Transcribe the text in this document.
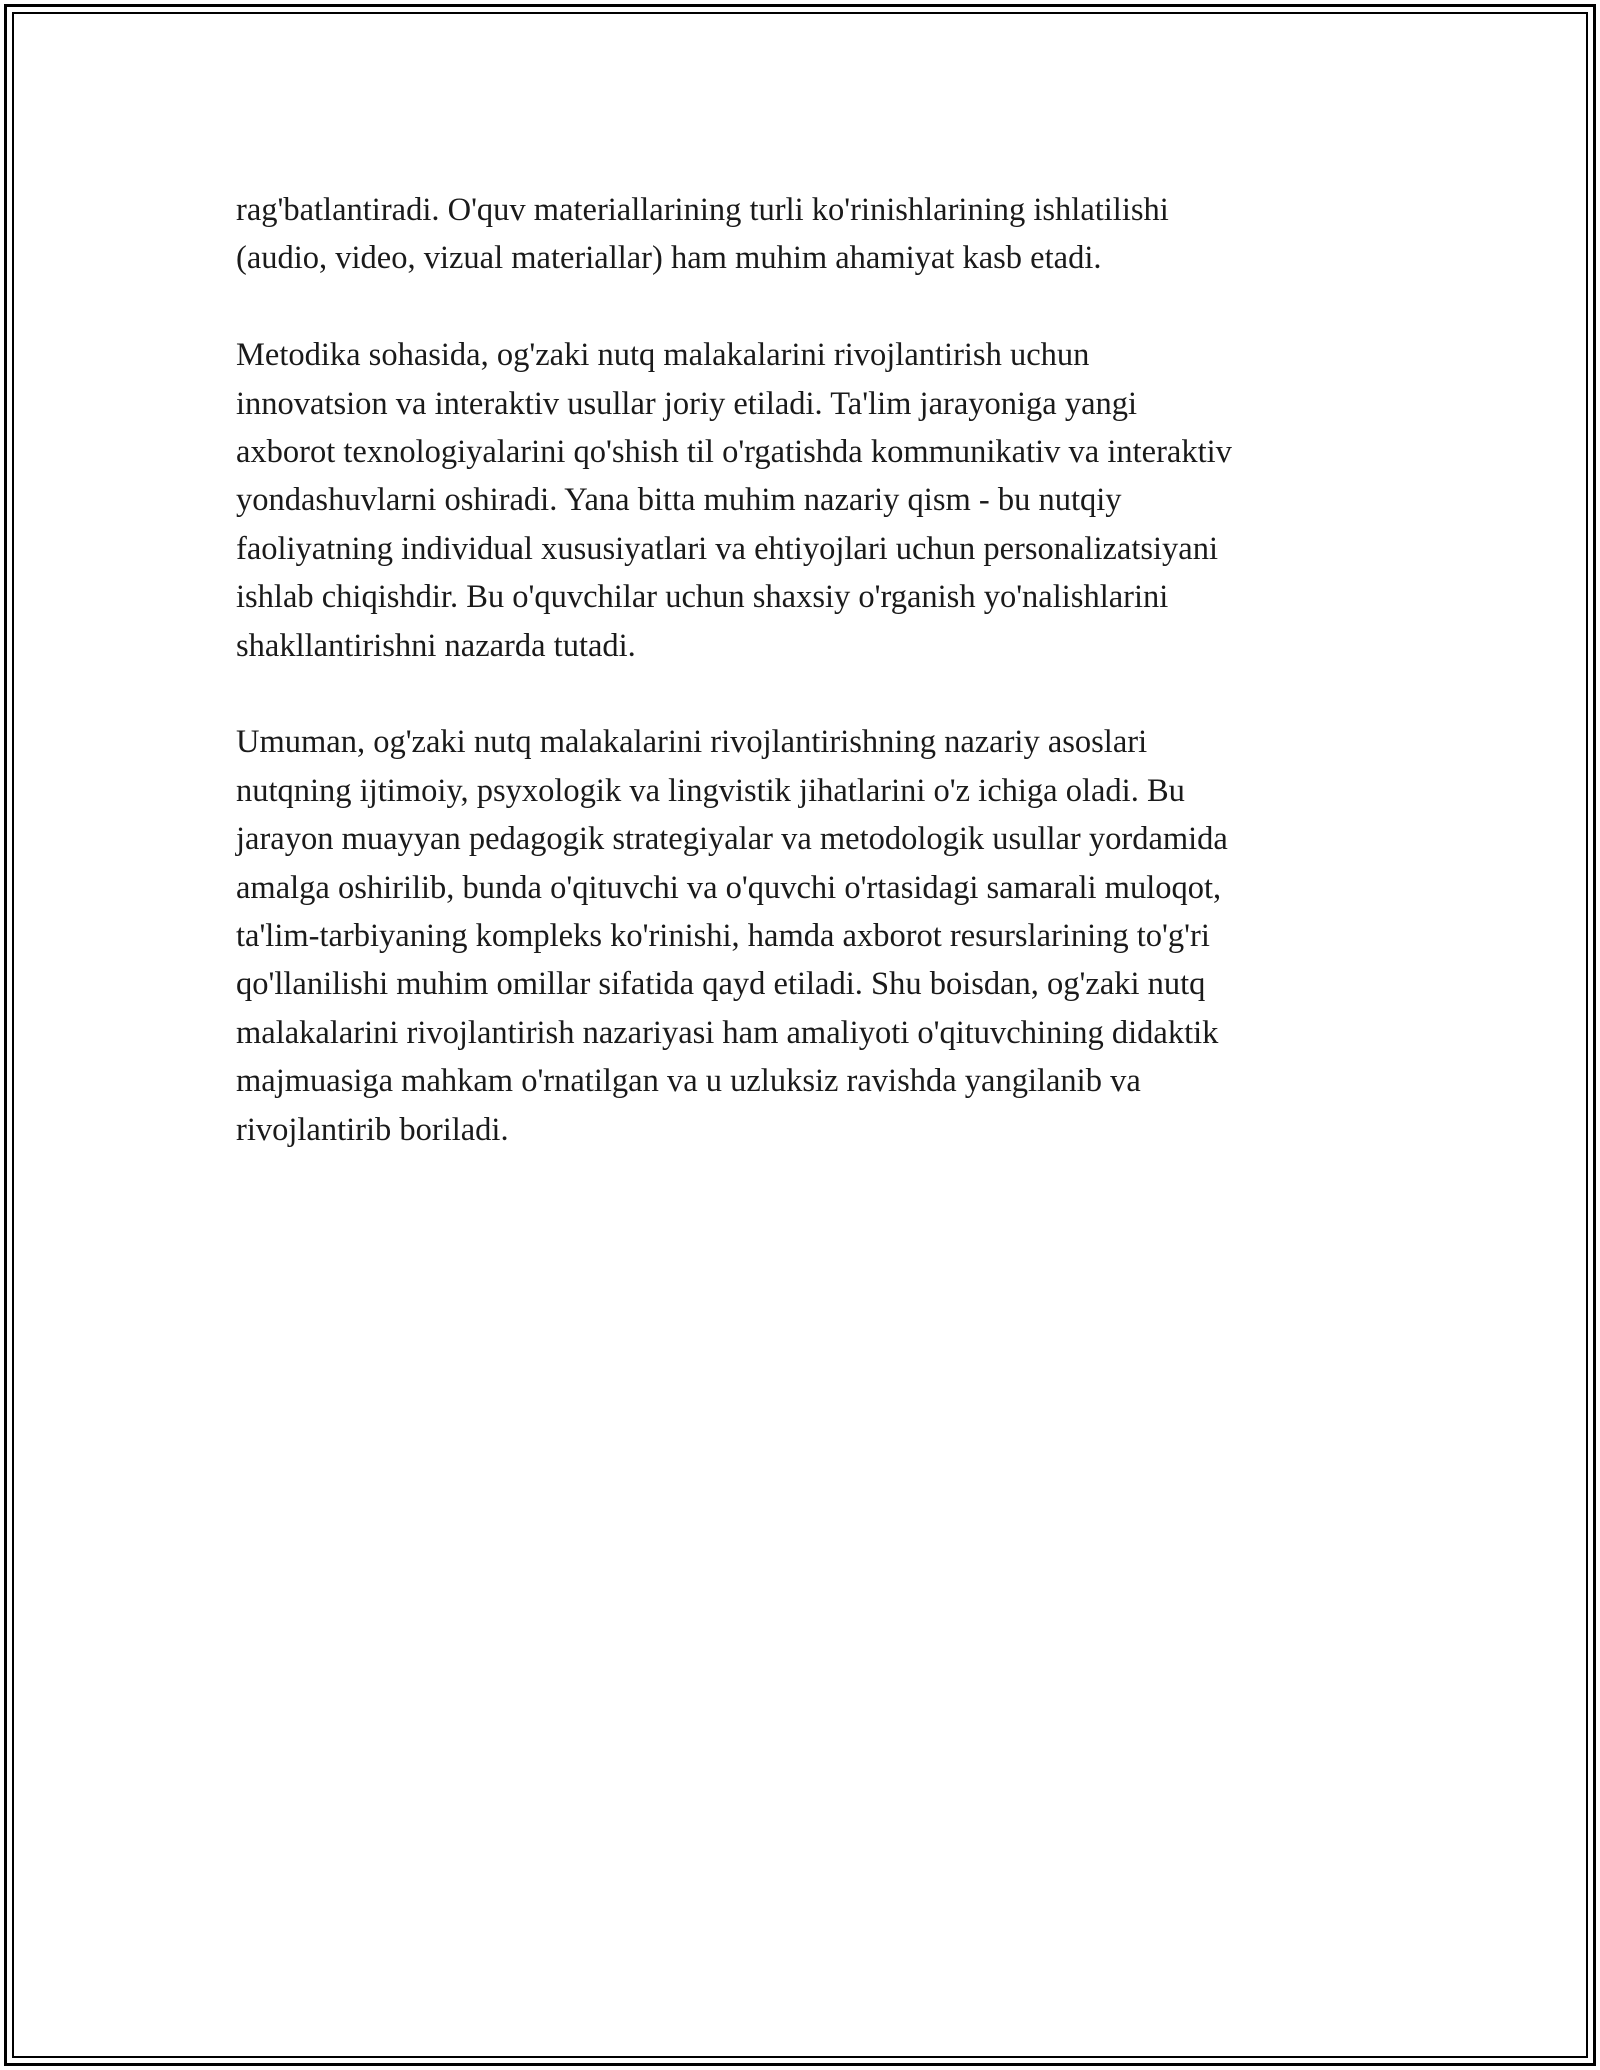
rag'batlantiradi. O'quv materiallarining turli ko'rinishlarining ishlatilishi
(audio, video, vizual materiallar) ham muhim ahamiyat kasb etadi.

Metodika sohasida, og'zaki nutq malakalarini rivojlantirish uchun
innovatsion va interaktiv usullar joriy etiladi. Ta'lim jarayoniga yangi
axborot texnologiyalarini qo'shish til o'rgatishda kommunikativ va interaktiv
yondashuvlarni oshiradi. Yana bitta muhim nazariy qism - bu nutqiy
faoliyatning individual xususiyatlari va ehtiyojlari uchun personalizatsiyani
ishlab chiqishdir. Bu o'quvchilar uchun shaxsiy o'rganish yo'nalishlarini
shakllantirishni nazarda tutadi.

Umuman, og'zaki nutq malakalarini rivojlantirishning nazariy asoslari
nutqning ijtimoiy, psyxologik va lingvistik jihatlarini o'z ichiga oladi. Bu
jarayon muayyan pedagogik strategiyalar va metodologik usullar yordamida
amalga oshirilib, bunda o'qituvchi va o'quvchi o'rtasidagi samarali muloqot,
ta'lim-tarbiyaning kompleks ko'rinishi, hamda axborot resurslarining to'g'ri
qo'llanilishi muhim omillar sifatida qayd etiladi. Shu boisdan, og'zaki nutq
malakalarini rivojlantirish nazariyasi ham amaliyoti o'qituvchining didaktik
majmuasiga mahkam o'rnatilgan va u uzluksiz ravishda yangilanib va
rivojlantirib boriladi.
